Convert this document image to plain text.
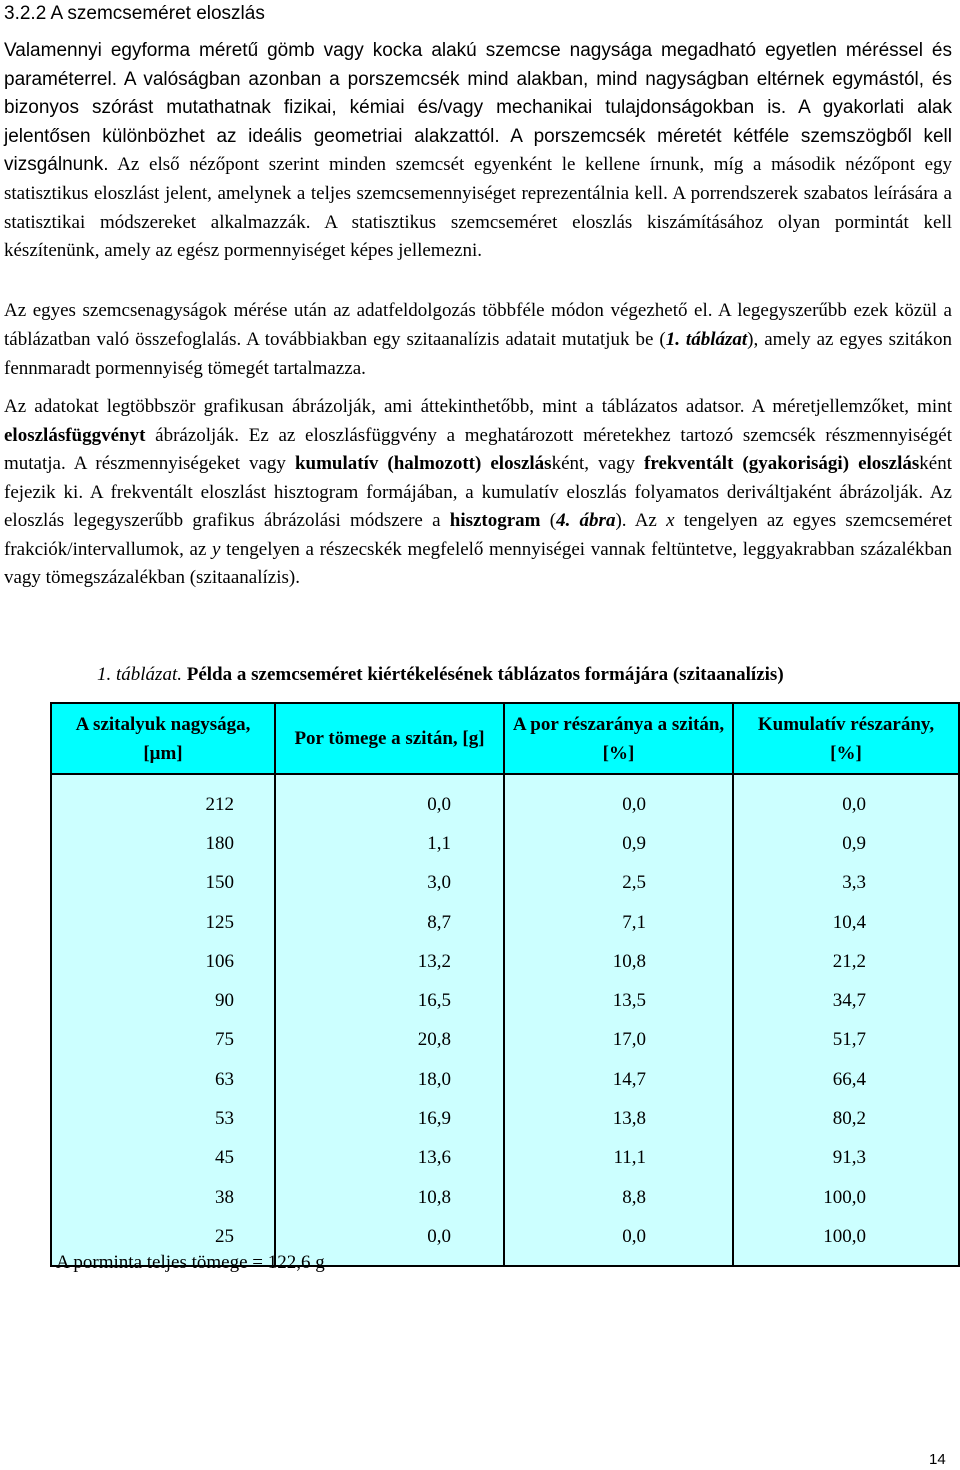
3.2.2 A szemcseméret eloszlás
Valamennyi egyforma méretű gömb vagy kocka alakú szemcse nagysága megadható egyetlen méréssel és paraméterrel. A valóságban azonban a porszemcsék mind alakban, mind nagyságban eltérnek egymástól, és bizonyos szórást mutathatnak fizikai, kémiai és/vagy mechanikai tulajdonságokban is. A gyakorlati alak jelentősen különbözhet az ideális geometriai alakzattól. A porszemcsék méretét kétféle szemszögből kell vizsgálnunk. Az első nézőpont szerint minden szemcsét egyenként le kellene írnunk, míg a második nézőpont egy statisztikus eloszlást jelent, amelynek a teljes szemcsemennyiséget reprezentálnia kell. A porrendszerek szabatos leírására a statisztikai módszereket alkalmazzák. A statisztikus szemcseméret eloszlás kiszámításához olyan pormintát kell készítenünk, amely az egész pormennyiséget képes jellemezni.
Az egyes szemcsenagyságok mérése után az adatfeldolgozás többféle módon végezhető el. A legegyszerűbb ezek közül a táblázatban való összefoglalás. A továbbiakban egy szitaanalízis adatait mutatjuk be (1. táblázat), amely az egyes szitákon fennmaradt pormennyiség tömegét tartalmazza.
Az adatokat legtöbbször grafikusan ábrázolják, ami áttekinthetőbb, mint a táblázatos adatsor. A méretjellemzőket, mint eloszlásfüggvényt ábrázolják. Ez az eloszlásfüggvény a meghatározott méretekhez tartozó szemcsék részmennyiségét mutatja. A részmennyiségeket vagy kumulatív (halmozott) eloszlásként, vagy frekventált (gyakorisági) eloszlásként fejezik ki. A frekventált eloszlást hisztogram formájában, a kumulatív eloszlás folyamatos deriváltjaként ábrázolják. Az eloszlás legegyszerűbb grafikus ábrázolási módszere a hisztogram (4. ábra). Az x tengelyen az egyes szemcseméret frakciók/intervallumok, az y tengelyen a részecskék megfelelő mennyiségei vannak feltüntetve, leggyakrabban százalékban vagy tömegszázalékban (szitaanalízis).
1. táblázat. Példa a szemcseméret kiértékelésének táblázatos formájára (szitaanalízis)
A szitalyuk nagysága, [μm]	Por tömege a szitán, [g]	A por részaránya a szitán, [%]	Kumulatív részarány, [%]
212	0,0	0,0	0,0
180	1,1	0,9	0,9
150	3,0	2,5	3,3
125	8,7	7,1	10,4
106	13,2	10,8	21,2
90	16,5	13,5	34,7
75	20,8	17,0	51,7
63	18,0	14,7	66,4
53	16,9	13,8	80,2
45	13,6	11,1	91,3
38	10,8	8,8	100,0
25	0,0	0,0	100,0
A porminta teljes tömege = 122,6 g
14
